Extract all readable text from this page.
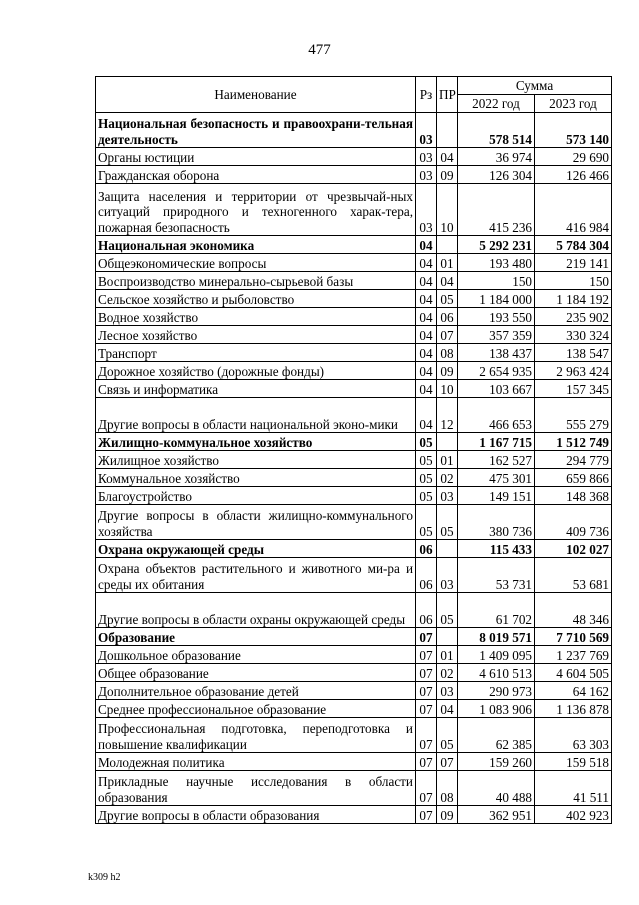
477
Наименование	Рз	ПР	Сумма	
			2022 год	2023 год
Национальная безопасность и правоохрани-тельная деятельность	03		578 514	573 140
Органы юстиции	03	04	36 974	29 690
Гражданская оборона	03	09	126 304	126 466
Защита населения и территории от чрезвычай-ных ситуаций природного и техногенного харак-тера, пожарная безопасность	03	10	415 236	416 984
Национальная экономика	04		5 292 231	5 784 304
Общеэкономические вопросы	04	01	193 480	219 141
Воспроизводство минерально-сырьевой базы	04	04	150	150
Сельское хозяйство и рыболовство	04	05	1 184 000	1 184 192
Водное хозяйство	04	06	193 550	235 902
Лесное хозяйство	04	07	357 359	330 324
Транспорт	04	08	138 437	138 547
Дорожное хозяйство (дорожные фонды)	04	09	2 654 935	2 963 424
Связь и информатика	04	10	103 667	157 345
Другие вопросы в области национальной эконо-мики	04	12	466 653	555 279
Жилищно-коммунальное хозяйство	05		1 167 715	1 512 749
Жилищное хозяйство	05	01	162 527	294 779
Коммунальное хозяйство	05	02	475 301	659 866
Благоустройство	05	03	149 151	148 368
Другие вопросы в области жилищно-коммунального хозяйства	05	05	380 736	409 736
Охрана окружающей среды	06		115 433	102 027
Охрана объектов растительного и животного ми-ра и среды их обитания	06	03	53 731	53 681
Другие вопросы в области охраны окружающей среды	06	05	61 702	48 346
Образование	07		8 019 571	7 710 569
Дошкольное образование	07	01	1 409 095	1 237 769
Общее образование	07	02	4 610 513	4 604 505
Дополнительное образование детей	07	03	290 973	64 162
Среднее профессиональное образование	07	04	1 083 906	1 136 878
Профессиональная подготовка, переподготовка и повышение квалификации	07	05	62 385	63 303
Молодежная политика	07	07	159 260	159 518
Прикладные научные исследования в области образования	07	08	40 488	41 511
Другие вопросы в области образования	07	09	362 951	402 923
k309 h2
